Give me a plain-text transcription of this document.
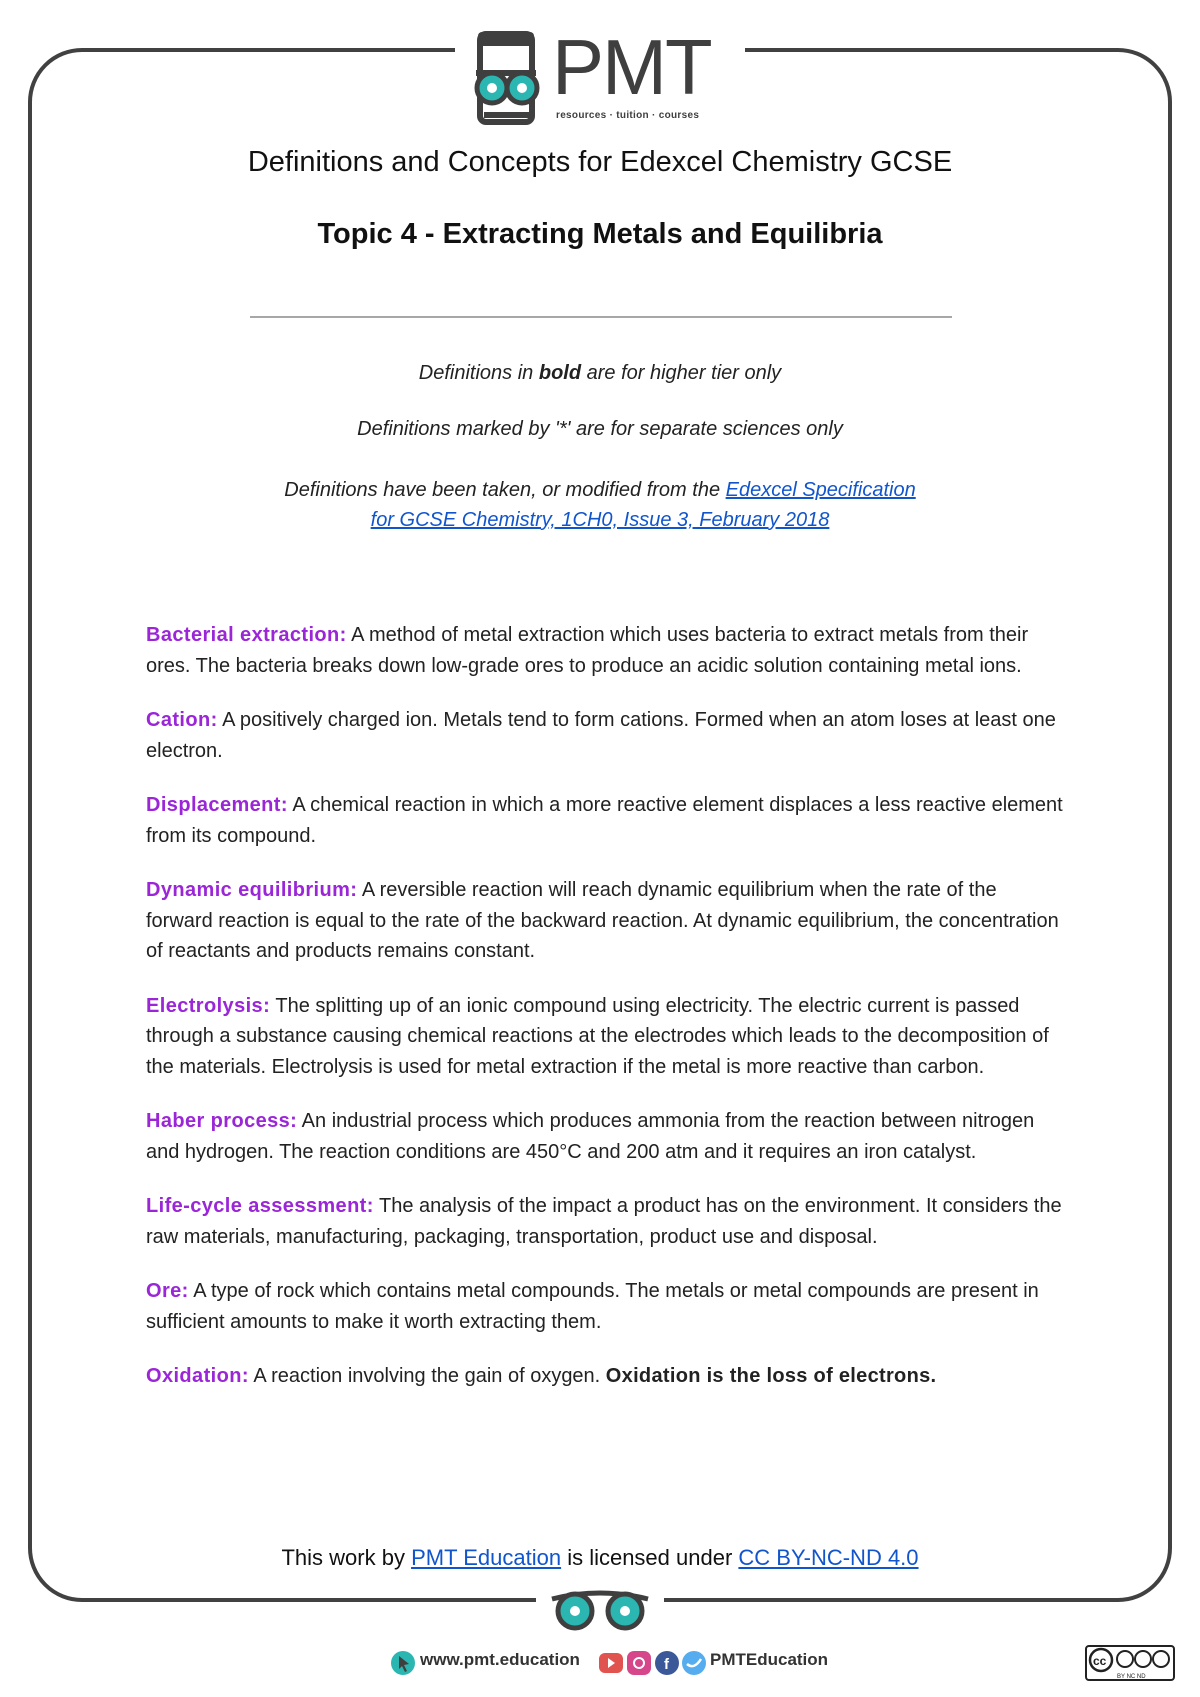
PMT
resources · tuition · courses
Definitions and Concepts for Edexcel Chemistry GCSE
Topic 4 - Extracting Metals and Equilibria
Definitions in bold are for higher tier only
Definitions marked by '*' are for separate sciences only
Definitions have been taken, or modified from the Edexcel Specification
for GCSE Chemistry, 1CH0, Issue 3, February 2018

Bacterial extraction: A method of metal extraction which uses bacteria to extract metals from their ores. The bacteria breaks down low-grade ores to produce an acidic solution containing metal ions.

Cation: A positively charged ion. Metals tend to form cations. Formed when an atom loses at least one electron.

Displacement: A chemical reaction in which a more reactive element displaces a less reactive element from its compound.

Dynamic equilibrium: A reversible reaction will reach dynamic equilibrium when the rate of the forward reaction is equal to the rate of the backward reaction. At dynamic equilibrium, the concentration of reactants and products remains constant.

Electrolysis: The splitting up of an ionic compound using electricity. The electric current is passed through a substance causing chemical reactions at the electrodes which leads to the decomposition of the materials. Electrolysis is used for metal extraction if the metal is more reactive than carbon.

Haber process: An industrial process which produces ammonia from the reaction between nitrogen and hydrogen. The reaction conditions are 450°C and 200 atm and it requires an iron catalyst.

Life-cycle assessment: The analysis of the impact a product has on the environment. It considers the raw materials, manufacturing, packaging, transportation, product use and disposal.

Ore: A type of rock which contains metal compounds. The metals or metal compounds are present in sufficient amounts to make it worth extracting them.

Oxidation: A reaction involving the gain of oxygen. Oxidation is the loss of electrons.

This work by PMT Education is licensed under CC BY-NC-ND 4.0
www.pmt.education	f PMTEducation	cc
BY NC ND
